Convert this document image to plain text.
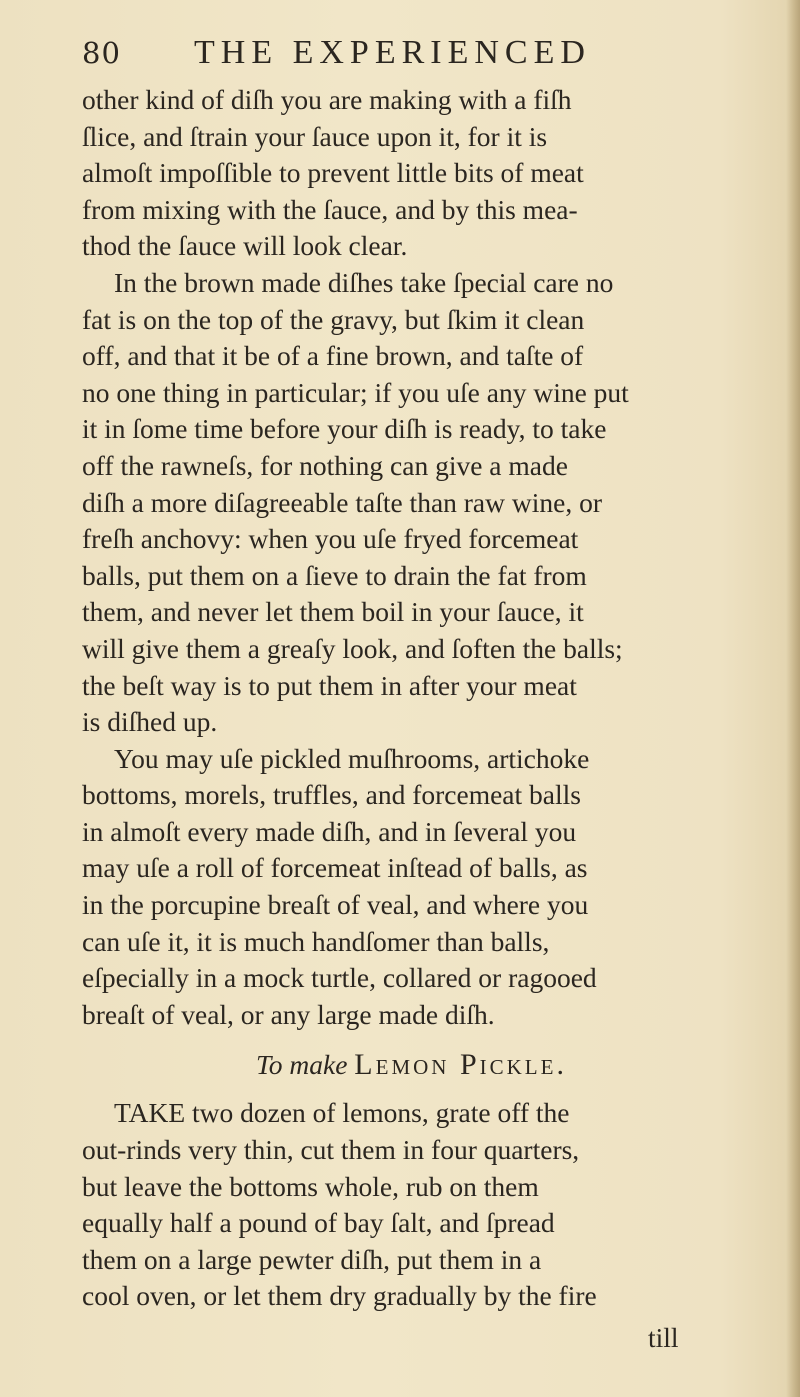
80 THE EXPERIENCED
other kind of diſh you are making with a fiſh
ſlice, and ſtrain your ſauce upon it, for it is
almoſt impoſſible to prevent little bits of meat
from mixing with the ſauce, and by this mea-
thod the ſauce will look clear.
In the brown made diſhes take ſpecial care no
fat is on the top of the gravy, but ſkim it clean
off, and that it be of a fine brown, and taſte of
no one thing in particular; if you uſe any wine put
it in ſome time before your diſh is ready, to take
off the rawneſs, for nothing can give a made
diſh a more diſagreeable taſte than raw wine, or
freſh anchovy: when you uſe fryed forcemeat
balls, put them on a ſieve to drain the fat from
them, and never let them boil in your ſauce, it
will give them a greaſy look, and ſoften the balls;
the beſt way is to put them in after your meat
is diſhed up.
You may uſe pickled muſhrooms, artichoke
bottoms, morels, truffles, and forcemeat balls
in almoſt every made diſh, and in ſeveral you
may uſe a roll of forcemeat inſtead of balls, as
in the porcupine breaſt of veal, and where you
can uſe it, it is much handſomer than balls,
eſpecially in a mock turtle, collared or ragooed
breaſt of veal, or any large made diſh.
To make Lemon Pickle.
TAKE two dozen of lemons, grate off the
out-rinds very thin, cut them in four quarters,
but leave the bottoms whole, rub on them
equally half a pound of bay ſalt, and ſpread
them on a large pewter diſh, put them in a
cool oven, or let them dry gradually by the fire
till
